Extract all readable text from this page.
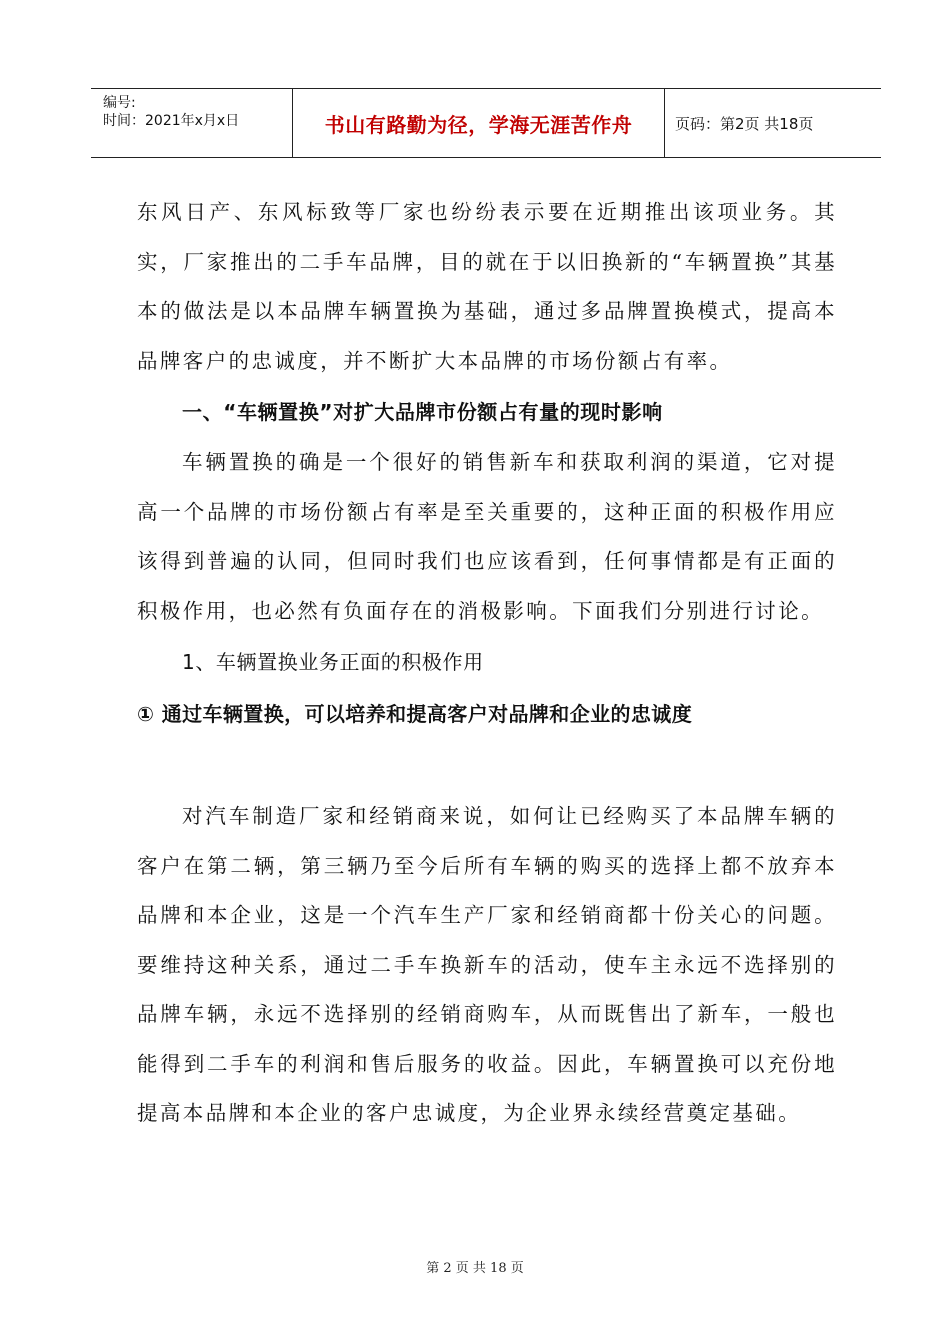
编号:
时间：2021年x月x日	书山有路勤为径，学海无涯苦作舟	页码：第2页 共18页

东风日产、东风标致等厂家也纷纷表示要在近期推出该项业务。其实，厂家推出的二手车品牌，目的就在于以旧换新的“车辆置换”其基本的做法是以本品牌车辆置换为基础，通过多品牌置换模式，提高本品牌客户的忠诚度，并不断扩大本品牌的市场份额占有率。

一、“车辆置换”对扩大品牌市份额占有量的现时影响

车辆置换的确是一个很好的销售新车和获取利润的渠道，它对提高一个品牌的市场份额占有率是至关重要的，这种正面的积极作用应该得到普遍的认同，但同时我们也应该看到，任何事情都是有正面的积极作用，也必然有负面存在的消极影响。下面我们分别进行讨论。

1、车辆置换业务正面的积极作用

① 通过车辆置换，可以培养和提高客户对品牌和企业的忠诚度

对汽车制造厂家和经销商来说，如何让已经购买了本品牌车辆的客户在第二辆，第三辆乃至今后所有车辆的购买的选择上都不放弃本品牌和本企业，这是一个汽车生产厂家和经销商都十份关心的问题。要维持这种关系，通过二手车换新车的活动，使车主永远不选择别的品牌车辆，永远不选择别的经销商购车，从而既售出了新车，一般也能得到二手车的利润和售后服务的收益。因此，车辆置换可以充份地提高本品牌和本企业的客户忠诚度，为企业界永续经营奠定基础。

第 2 页 共 18 页
